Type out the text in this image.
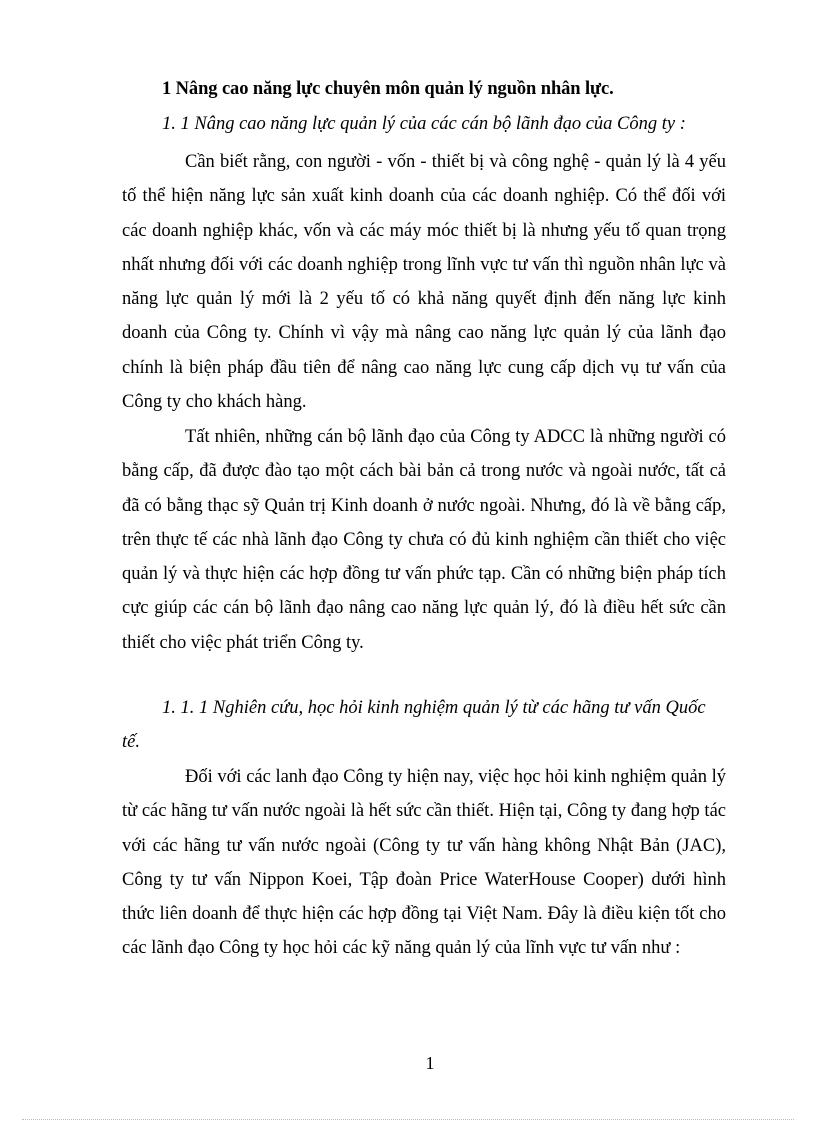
1 Nâng cao năng lực chuyên môn quản lý nguồn nhân lực.
1. 1 Nâng cao năng lực quản lý của các cán bộ lãnh đạo của Công ty :

Cần biết rằng, con người - vốn - thiết bị và công nghệ - quản lý là 4 yếu tố thể hiện năng lực sản xuất kinh doanh của các doanh nghiệp. Có thể đối với các doanh nghiệp khác, vốn và các máy móc thiết bị là nhưng yếu tố quan trọng nhất nhưng đối với các doanh nghiệp trong lĩnh vực tư vấn thì nguồn nhân lực và năng lực quản lý mới là 2 yếu tố có khả năng quyết định đến năng lực kinh doanh của Công ty. Chính vì vậy mà nâng cao năng lực quản lý của lãnh đạo chính là biện pháp đầu tiên để nâng cao năng lực cung cấp dịch vụ tư vấn của Công ty cho khách hàng.

Tất nhiên, những cán bộ lãnh đạo của Công ty ADCC là những người có bằng cấp, đã được đào tạo một cách bài bản cả trong nước và ngoài nước, tất cả đã có bằng thạc sỹ Quản trị Kinh doanh ở nước ngoài. Nhưng, đó là về bằng cấp, trên thực tế các nhà lãnh đạo Công ty chưa có đủ kinh nghiệm cần thiết cho việc quản lý và thực hiện các hợp đồng tư vấn phức tạp. Cần có những biện pháp tích cực giúp các cán bộ lãnh đạo nâng cao năng lực quản lý, đó là điều hết sức cần thiết cho việc phát triển Công ty.

1. 1. 1 Nghiên cứu, học hỏi kinh nghiệm quản lý từ các hãng tư vấn Quốc tế.

Đối với các lanh đạo Công ty hiện nay, việc học hỏi kinh nghiệm quản lý từ các hãng tư vấn nước ngoài là hết sức cần thiết. Hiện tại, Công ty đang hợp tác với các hãng tư vấn nước ngoài (Công ty tư vấn hàng không Nhật Bản (JAC), Công ty tư vấn Nippon Koei, Tập đoàn Price WaterHouse Cooper) dưới hình thức liên doanh để thực hiện các hợp đồng tại Việt Nam. Đây là điều kiện tốt cho các lãnh đạo Công ty học hỏi các kỹ năng quản lý của lĩnh vực tư vấn như :

1
